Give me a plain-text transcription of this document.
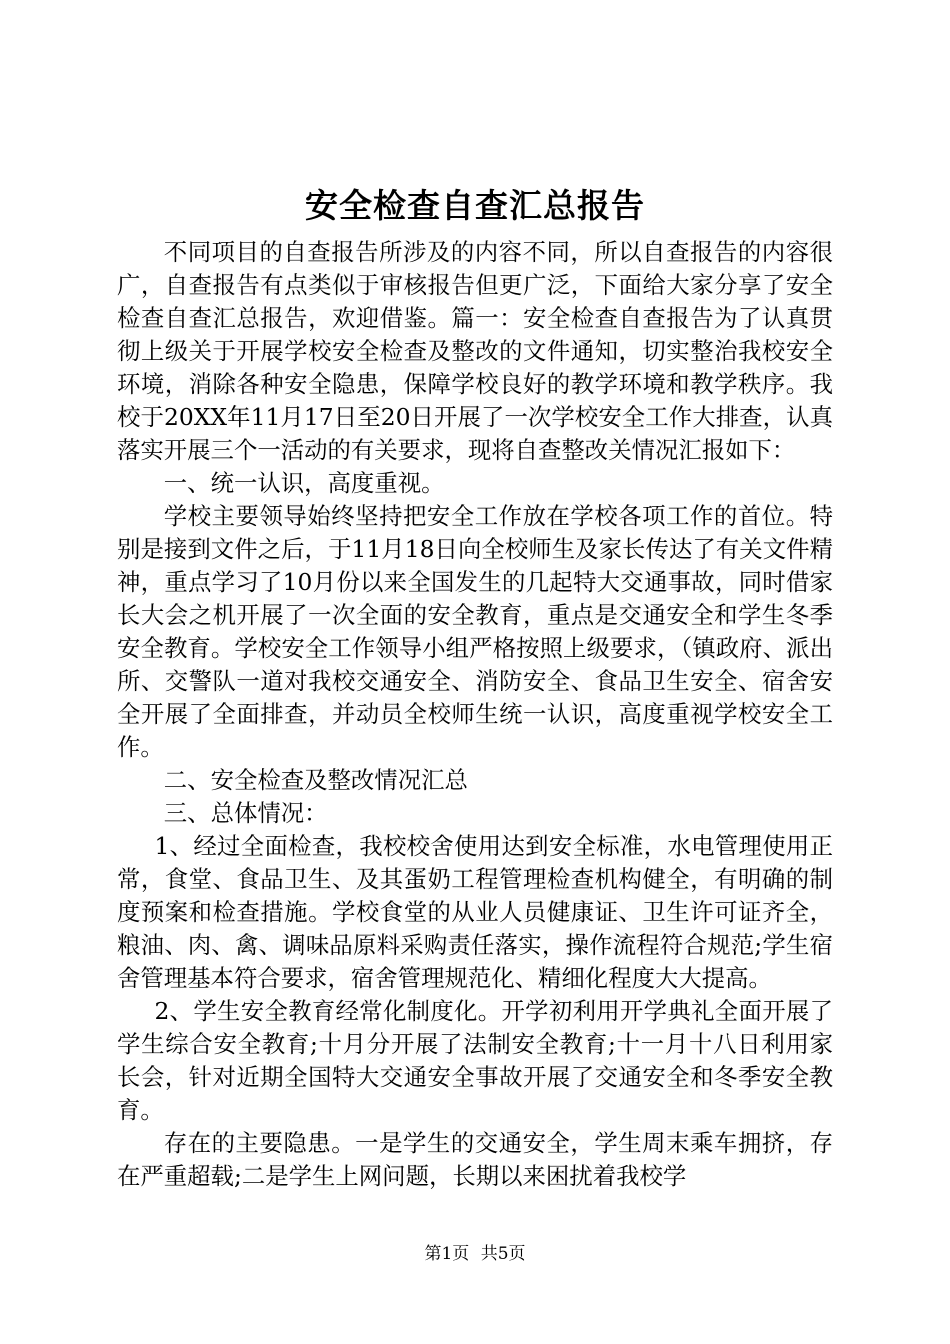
安全检查自查汇总报告

不同项目的自查报告所涉及的内容不同，所以自查报告的内容很广，自查报告有点类似于审核报告但更广泛，下面给大家分享了安全检查自查汇总报告，欢迎借鉴。篇一：安全检查自查报告为了认真贯彻上级关于开展学校安全检查及整改的文件通知，切实整治我校安全环境，消除各种安全隐患，保障学校良好的教学环境和教学秩序。我校于20XX年11月17日至20日开展了一次学校安全工作大排查，认真落实开展三个一活动的有关要求，现将自查整改关情况汇报如下：

一、统一认识，高度重视。

学校主要领导始终坚持把安全工作放在学校各项工作的首位。特别是接到文件之后，于11月18日向全校师生及家长传达了有关文件精神，重点学习了10月份以来全国发生的几起特大交通事故，同时借家长大会之机开展了一次全面的安全教育，重点是交通安全和学生冬季安全教育。学校安全工作领导小组严格按照上级要求，（镇政府、派出所、交警队一道对我校交通安全、消防安全、食品卫生安全、宿舍安全开展了全面排查，并动员全校师生统一认识，高度重视学校安全工作。

二、安全检查及整改情况汇总

三、总体情况：

1、经过全面检查，我校校舍使用达到安全标准，水电管理使用正常，食堂、食品卫生、及其蛋奶工程管理检查机构健全，有明确的制度预案和检查措施。学校食堂的从业人员健康证、卫生许可证齐全，粮油、肉、禽、调味品原料采购责任落实，操作流程符合规范;学生宿舍管理基本符合要求，宿舍管理规范化、精细化程度大大提高。

2、学生安全教育经常化制度化。开学初利用开学典礼全面开展了学生综合安全教育;十月分开展了法制安全教育;十一月十八日利用家长会，针对近期全国特大交通安全事故开展了交通安全和冬季安全教育。

存在的主要隐患。一是学生的交通安全，学生周末乘车拥挤，存在严重超载;二是学生上网问题，长期以来困扰着我校学

第1页 共5页
